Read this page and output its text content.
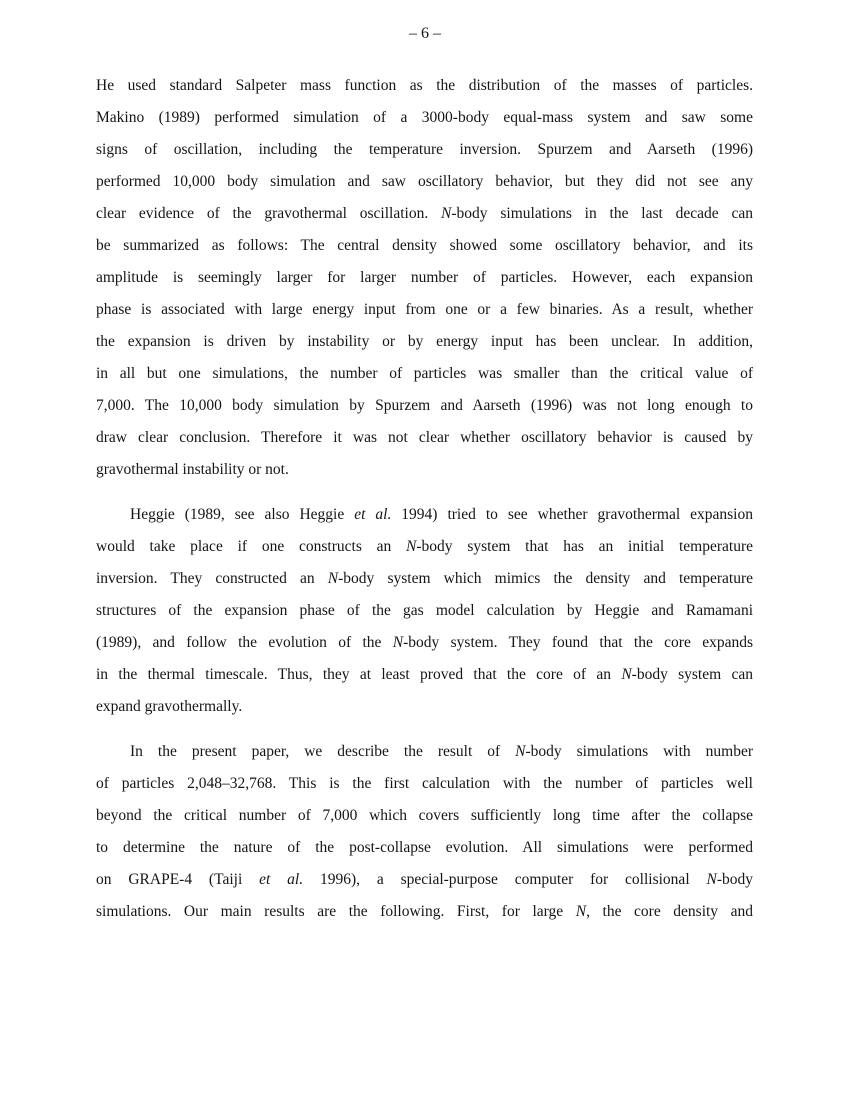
– 6 –
He used standard Salpeter mass function as the distribution of the masses of particles.
Makino (1989) performed simulation of a 3000-body equal-mass system and saw some
signs of oscillation, including the temperature inversion. Spurzem and Aarseth (1996)
performed 10,000 body simulation and saw oscillatory behavior, but they did not see any
clear evidence of the gravothermal oscillation. N-body simulations in the last decade can
be summarized as follows: The central density showed some oscillatory behavior, and its
amplitude is seemingly larger for larger number of particles. However, each expansion
phase is associated with large energy input from one or a few binaries. As a result, whether
the expansion is driven by instability or by energy input has been unclear. In addition,
in all but one simulations, the number of particles was smaller than the critical value of
7,000. The 10,000 body simulation by Spurzem and Aarseth (1996) was not long enough to
draw clear conclusion. Therefore it was not clear whether oscillatory behavior is caused by
gravothermal instability or not.
Heggie (1989, see also Heggie et al. 1994) tried to see whether gravothermal expansion
would take place if one constructs an N-body system that has an initial temperature
inversion. They constructed an N-body system which mimics the density and temperature
structures of the expansion phase of the gas model calculation by Heggie and Ramamani
(1989), and follow the evolution of the N-body system. They found that the core expands
in the thermal timescale. Thus, they at least proved that the core of an N-body system can
expand gravothermally.
In the present paper, we describe the result of N-body simulations with number
of particles 2,048–32,768. This is the first calculation with the number of particles well
beyond the critical number of 7,000 which covers sufficiently long time after the collapse
to determine the nature of the post-collapse evolution. All simulations were performed
on GRAPE-4 (Taiji et al. 1996), a special-purpose computer for collisional N-body
simulations. Our main results are the following. First, for large N, the core density and
